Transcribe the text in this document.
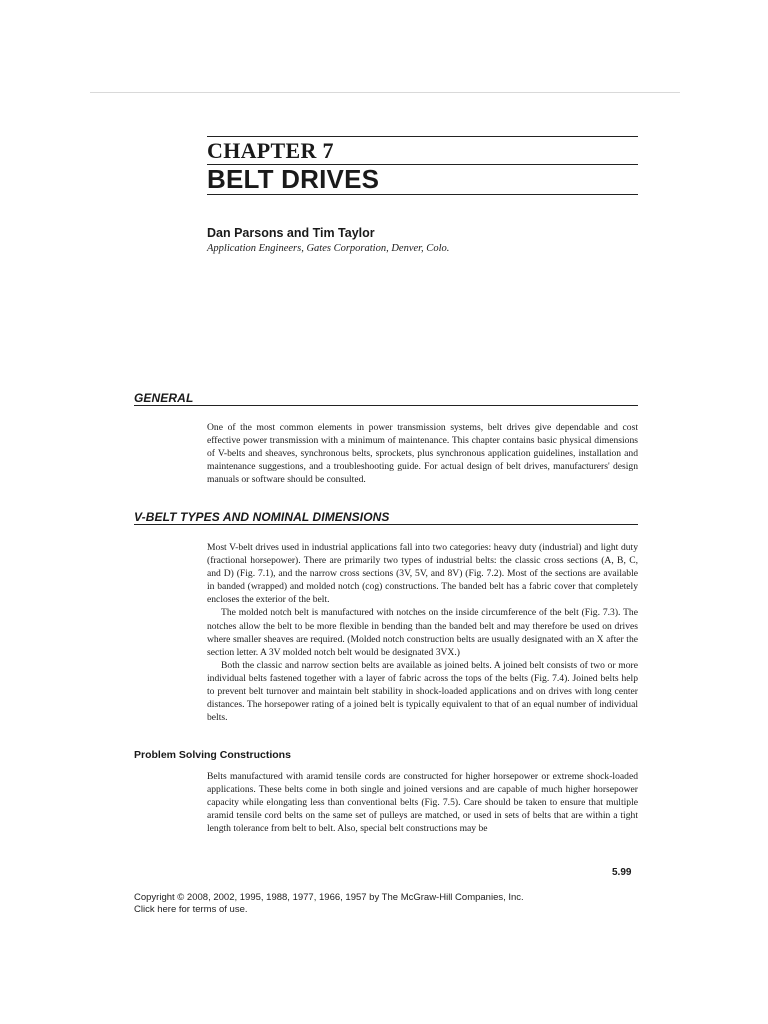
CHAPTER 7
BELT DRIVES
Dan Parsons and Tim Taylor
Application Engineers, Gates Corporation, Denver, Colo.
GENERAL

One of the most common elements in power transmission systems, belt drives give dependable and cost effective power transmission with a minimum of maintenance. This chapter contains basic physical dimensions of V-belts and sheaves, synchronous belts, sprockets, plus synchronous application guidelines, installation and maintenance suggestions, and a troubleshooting guide. For actual design of belt drives, manufacturers' design manuals or software should be consulted.

V-BELT TYPES AND NOMINAL DIMENSIONS

Most V-belt drives used in industrial applications fall into two categories: heavy duty (industrial) and light duty (fractional horsepower). There are primarily two types of industrial belts: the classic cross sections (A, B, C, and D) (Fig. 7.1), and the narrow cross sections (3V, 5V, and 8V) (Fig. 7.2). Most of the sections are available in banded (wrapped) and molded notch (cog) constructions. The banded belt has a fabric cover that completely encloses the exterior of the belt.

The molded notch belt is manufactured with notches on the inside circumference of the belt (Fig. 7.3). The notches allow the belt to be more flexible in bending than the banded belt and may therefore be used on drives where smaller sheaves are required. (Molded notch construction belts are usually designated with an X after the section letter. A 3V molded notch belt would be designated 3VX.)

Both the classic and narrow section belts are available as joined belts. A joined belt consists of two or more individual belts fastened together with a layer of fabric across the tops of the belts (Fig. 7.4). Joined belts help to prevent belt turnover and maintain belt stability in shock-loaded applications and on drives with long center distances. The horsepower rating of a joined belt is typically equivalent to that of an equal number of individual belts.

Problem Solving Constructions

Belts manufactured with aramid tensile cords are constructed for higher horsepower or extreme shock-loaded applications. These belts come in both single and joined versions and are capable of much higher horsepower capacity while elongating less than conventional belts (Fig. 7.5). Care should be taken to ensure that multiple aramid tensile cord belts on the same set of pulleys are matched, or used in sets of belts that are within a tight length tolerance from belt to belt. Also, special belt constructions may be

5.99
Copyright © 2008, 2002, 1995, 1988, 1977, 1966, 1957 by The McGraw-Hill Companies, Inc.
Click here for terms of use.
